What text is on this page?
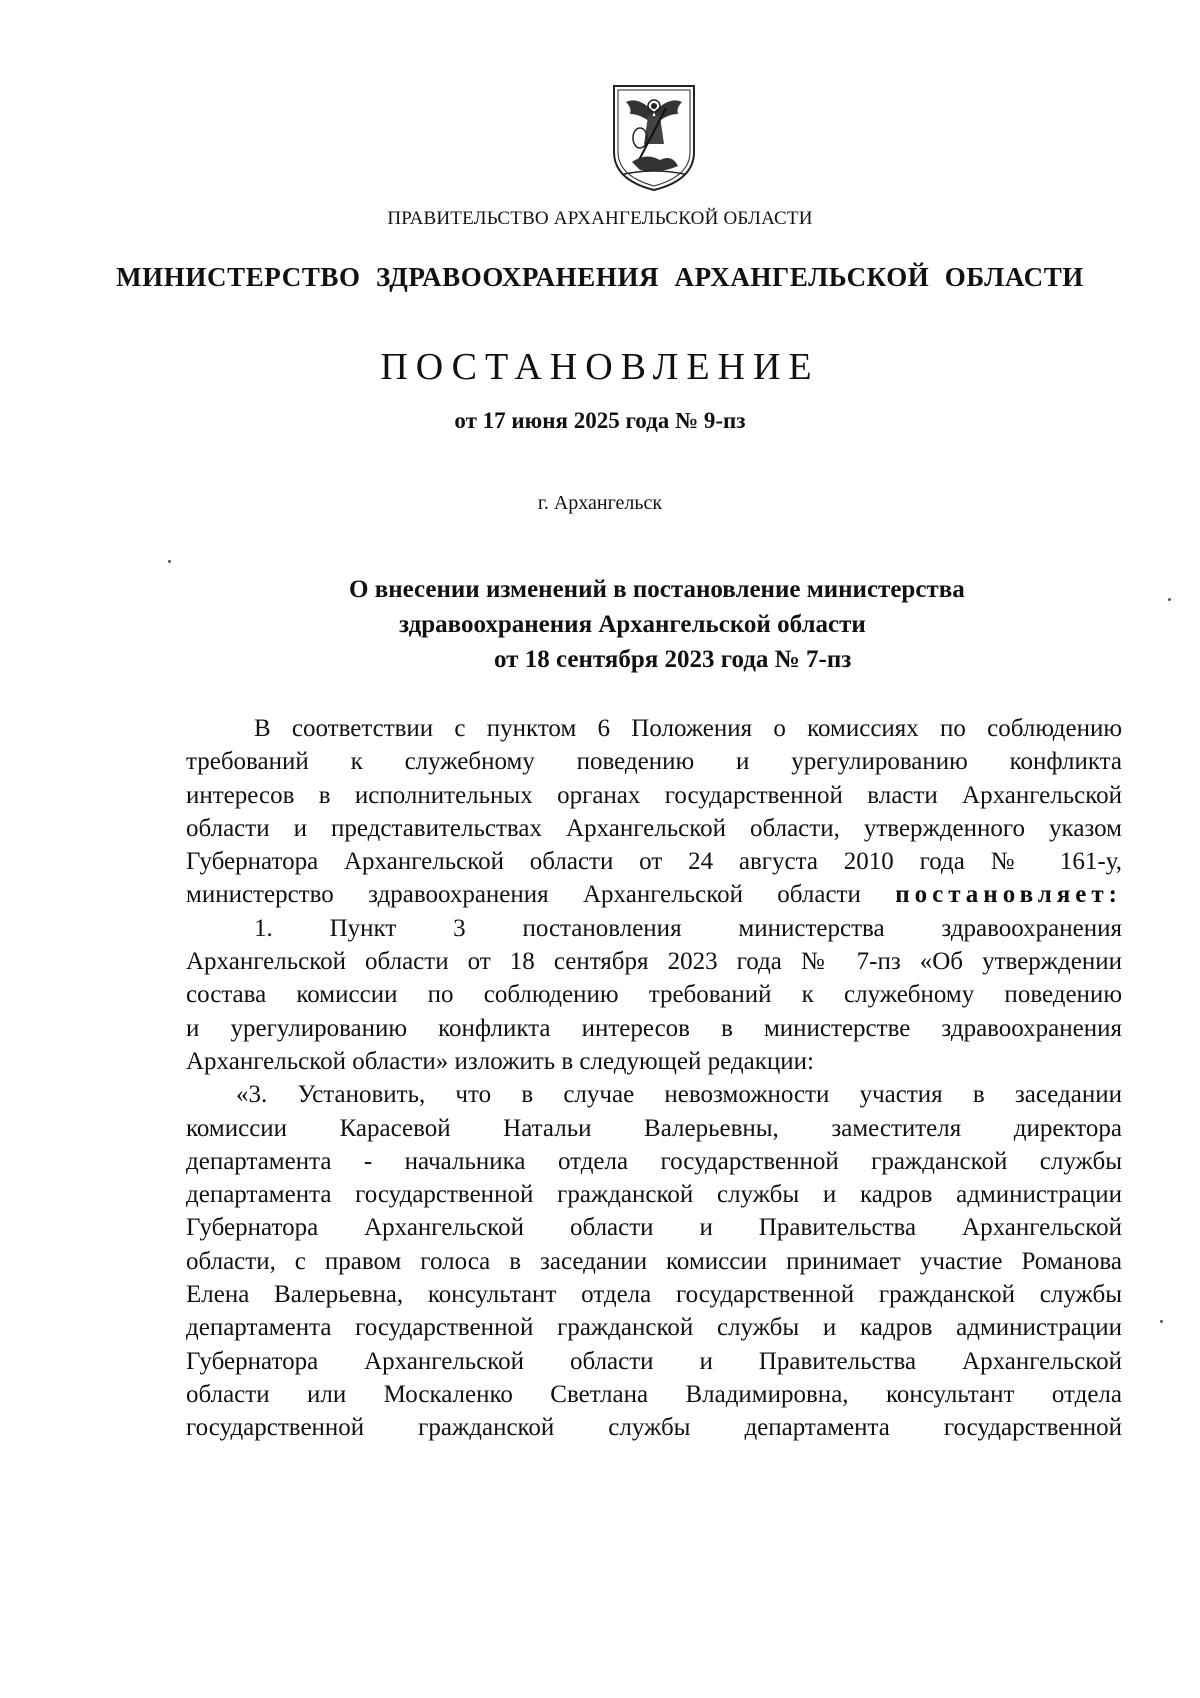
ПРАВИТЕЛЬСТВО АРХАНГЕЛЬСКОЙ ОБЛАСТИ
МИНИСТЕРСТВО ЗДРАВООХРАНЕНИЯ АРХАНГЕЛЬСКОЙ ОБЛАСТИ
ПОСТАНОВЛЕНИЕ
от 17 июня 2025 года № 9-пз
г. Архангельск
О внесении изменений в постановление министерства
здравоохранения Архангельской области
от 18 сентября 2023 года № 7-пз
В соответствии с пунктом 6 Положения о комиссиях по соблюдению
требований к служебному поведению и урегулированию конфликта
интересов в исполнительных органах государственной власти Архангельской
области и представительствах Архангельской области, утвержденного указом
Губернатора Архангельской области от 24 августа 2010 года № 161-у,
министерство здравоохранения Архангельской области постановляет:
1. Пункт 3 постановления министерства здравоохранения
Архангельской области от 18 сентября 2023 года № 7-пз «Об утверждении
состава комиссии по соблюдению требований к служебному поведению
и урегулированию конфликта интересов в министерстве здравоохранения
Архангельской области» изложить в следующей редакции:
«3. Установить, что в случае невозможности участия в заседании
комиссии Карасевой Натальи Валерьевны, заместителя директора
департамента - начальника отдела государственной гражданской службы
департамента государственной гражданской службы и кадров администрации
Губернатора Архангельской области и Правительства Архангельской
области, с правом голоса в заседании комиссии принимает участие Романова
Елена Валерьевна, консультант отдела государственной гражданской службы
департамента государственной гражданской службы и кадров администрации
Губернатора Архангельской области и Правительства Архангельской
области или Москаленко Светлана Владимировна, консультант отдела
государственной гражданской службы департамента государственной
